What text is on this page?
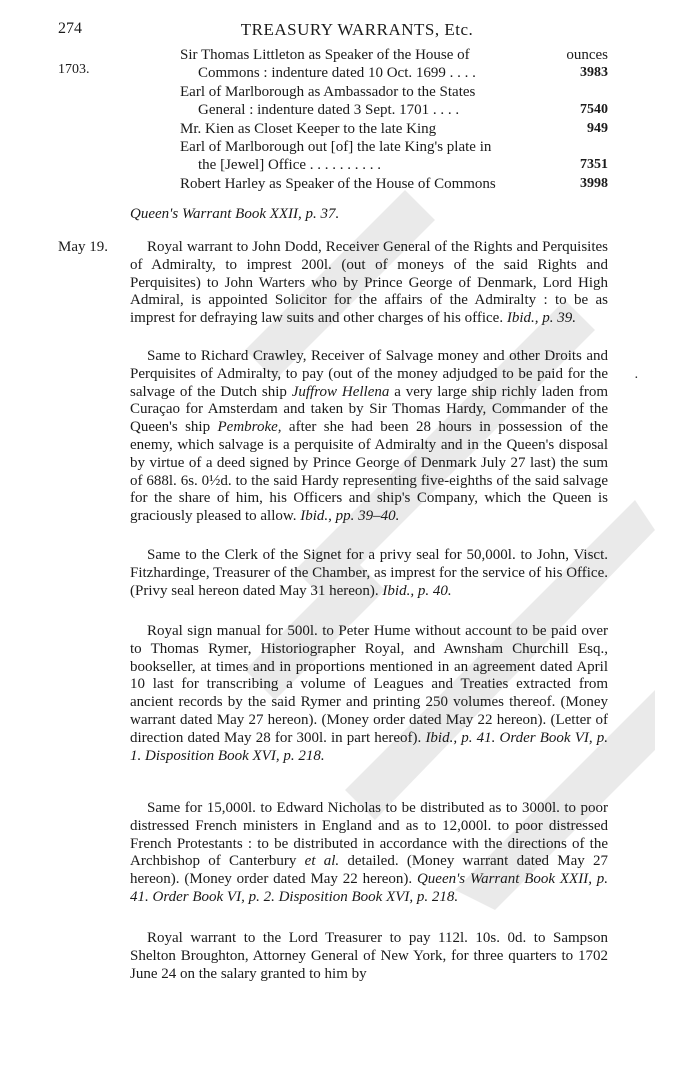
274	TREASURY WARRANTS, Etc.
1703.
ounces
Sir Thomas Littleton as Speaker of the House of
Commons : indenture dated 10 Oct. 1699 . . . .	3983
Earl of Marlborough as Ambassador to the States
General : indenture dated 3 Sept. 1701 . . . .	7540
Mr. Kien as Closet Keeper to the late King	949
Earl of Marlborough out [of] the late King's plate in
the [Jewel] Office . . . . . . . . . .	7351
Robert Harley as Speaker of the House of Commons	3998
Queen's Warrant Book XXII, p. 37.
May 19.	Royal warrant to John Dodd, Receiver General of the Rights and Perquisites of Admiralty, to imprest 200l. (out of moneys of the said Rights and Perquisites) to John Warters who by Prince George of Denmark, Lord High Admiral, is appointed Solicitor for the affairs of the Admiralty : to be as imprest for defraying law suits and other charges of his office. Ibid., p. 39.
Same to Richard Crawley, Receiver of Salvage money and other Droits and Perquisites of Admiralty, to pay (out of the money adjudged to be paid for the salvage of the Dutch ship Juffrow Hellena a very large ship richly laden from Curaçao for Amsterdam and taken by Sir Thomas Hardy, Commander of the Queen's ship Pembroke, after she had been 28 hours in possession of the enemy, which salvage is a perquisite of Admiralty and in the Queen's disposal by virtue of a deed signed by Prince George of Denmark July 27 last) the sum of 688l. 6s. 0½d. to the said Hardy representing five-eighths of the said salvage for the share of him, his Officers and ship's Company, which the Queen is graciously pleased to allow. Ibid., pp. 39–40.
·
Same to the Clerk of the Signet for a privy seal for 50,000l. to John, Visct. Fitzhardinge, Treasurer of the Chamber, as imprest for the service of his Office. (Privy seal hereon dated May 31 hereon). Ibid., p. 40.
Royal sign manual for 500l. to Peter Hume without account to be paid over to Thomas Rymer, Historiographer Royal, and Awnsham Churchill Esq., bookseller, at times and in proportions mentioned in an agreement dated April 10 last for transcribing a volume of Leagues and Treaties extracted from ancient records by the said Rymer and printing 250 volumes thereof. (Money warrant dated May 27 hereon). (Money order dated May 22 hereon). (Letter of direction dated May 28 for 300l. in part hereof). Ibid., p. 41. Order Book VI, p. 1. Disposition Book XVI, p. 218.
Same for 15,000l. to Edward Nicholas to be distributed as to 3000l. to poor distressed French ministers in England and as to 12,000l. to poor distressed French Protestants : to be distributed in accordance with the directions of the Archbishop of Canterbury et al. detailed. (Money warrant dated May 27 hereon). (Money order dated May 22 hereon). Queen's Warrant Book XXII, p. 41. Order Book VI, p. 2. Disposition Book XVI, p. 218.
Royal warrant to the Lord Treasurer to pay 112l. 10s. 0d. to Sampson Shelton Broughton, Attorney General of New York, for three quarters to 1702 June 24 on the salary granted to him by
